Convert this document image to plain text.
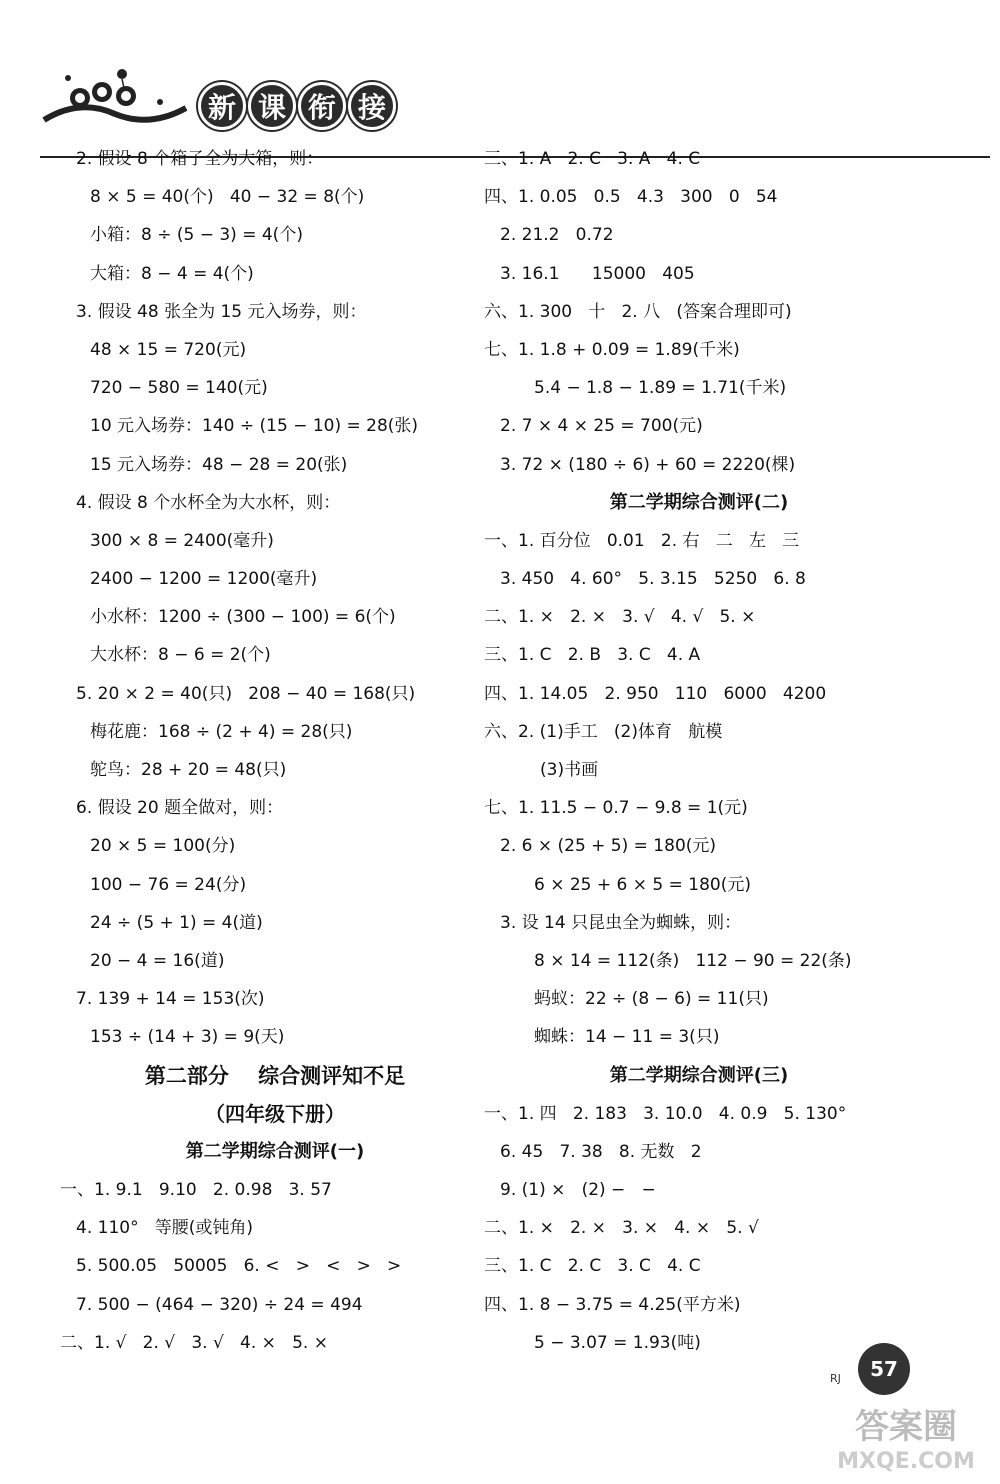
新 课 衔 接
2. 假设 8 个箱子全为大箱，则：
8 × 5 = 40(个)   40 − 32 = 8(个)
小箱：8 ÷ (5 − 3) = 4(个)
大箱：8 − 4 = 4(个)
3. 假设 48 张全为 15 元入场券，则：
48 × 15 = 720(元)
720 − 580 = 140(元)
10 元入场券：140 ÷ (15 − 10) = 28(张)
15 元入场券：48 − 28 = 20(张)
4. 假设 8 个水杯全为大水杯，则：
300 × 8 = 2400(毫升)
2400 − 1200 = 1200(毫升)
小水杯：1200 ÷ (300 − 100) = 6(个)
大水杯：8 − 6 = 2(个)
5. 20 × 2 = 40(只)   208 − 40 = 168(只)
梅花鹿：168 ÷ (2 + 4) = 28(只)
鸵鸟：28 + 20 = 48(只)
6. 假设 20 题全做对，则：
20 × 5 = 100(分)
100 − 76 = 24(分)
24 ÷ (5 + 1) = 4(道)
20 − 4 = 16(道)
7. 139 + 14 = 153(次)
153 ÷ (14 + 3) = 9(天)
第二部分    综合测评知不足
（四年级下册）
第二学期综合测评(一)
一、1. 9.1   9.10   2. 0.98   3. 57
4. 110°   等腰(或钝角)
5. 500.05   50005   6. <   >   <   >   >
7. 500 − (464 − 320) ÷ 24 = 494
二、1. √   2. √   3. √   4. ×   5. ×
三、1. A   2. C   3. A   4. C
四、1. 0.05   0.5   4.3   300   0   54
2. 21.2   0.72
3. 16.1      15000   405
六、1. 300   十   2. 八   (答案合理即可)
七、1. 1.8 + 0.09 = 1.89(千米)
5.4 − 1.8 − 1.89 = 1.71(千米)
2. 7 × 4 × 25 = 700(元)
3. 72 × (180 ÷ 6) + 60 = 2220(棵)
第二学期综合测评(二)
一、1. 百分位   0.01   2. 右   二   左   三
3. 450   4. 60°   5. 3.15   5250   6. 8
二、1. ×   2. ×   3. √   4. √   5. ×
三、1. C   2. B   3. C   4. A
四、1. 14.05   2. 950   110   6000   4200
六、2. (1)手工   (2)体育   航模
(3)书画
七、1. 11.5 − 0.7 − 9.8 = 1(元)
2. 6 × (25 + 5) = 180(元)
6 × 25 + 6 × 5 = 180(元)
3. 设 14 只昆虫全为蜘蛛，则：
8 × 14 = 112(条)   112 − 90 = 22(条)
蚂蚁：22 ÷ (8 − 6) = 11(只)
蜘蛛：14 − 11 = 3(只)
第二学期综合测评(三)
一、1. 四   2. 183   3. 10.0   4. 0.9   5. 130°
6. 45   7. 38   8. 无数   2
9. (1) ×   (2) −   −
二、1. ×   2. ×   3. ×   4. ×   5. √
三、1. C   2. C   3. C   4. C
四、1. 8 − 3.75 = 4.25(平方米)
5 − 3.07 = 1.93(吨)
RJ	57
答案圈
MXQE.COM
